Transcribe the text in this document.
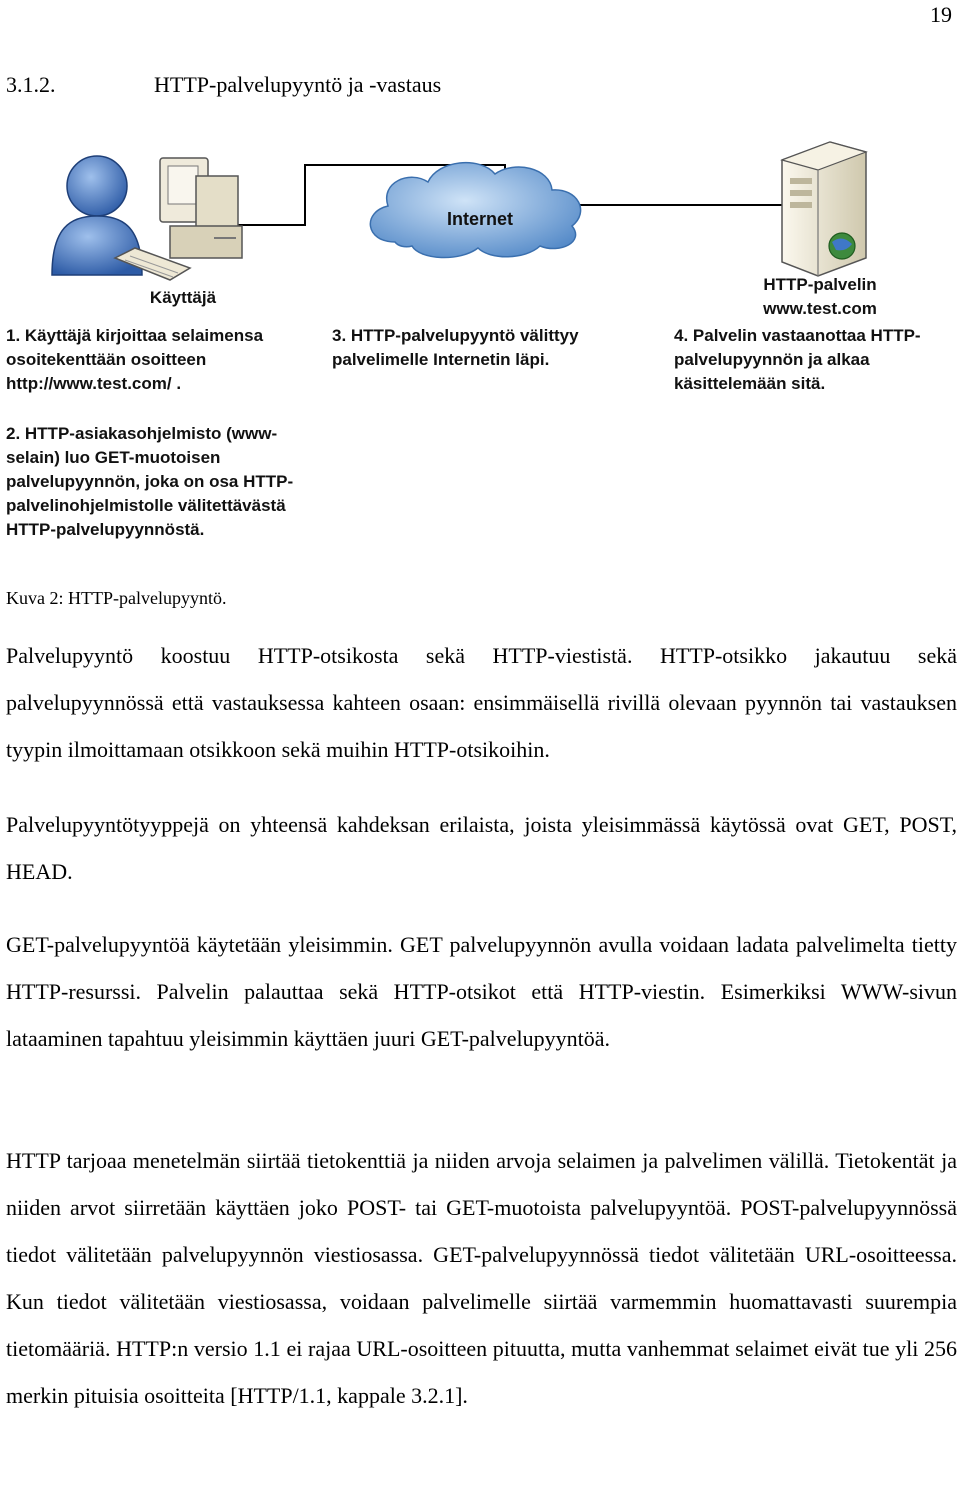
19
3.1.2.	HTTP-palvelupyyntö ja -vastaus
Käyttäjä
Internet
HTTP-palvelin
www.test.com
1. Käyttäjä kirjoittaa selaimensa
osoitekenttään osoitteen
http://www.test.com/ .
3. HTTP-palvelupyyntö välittyy
palvelimelle Internetin läpi.
4. Palvelin vastaanottaa HTTP-
palvelupyynnön ja alkaa
käsittelemään sitä.
2. HTTP-asiakasohjelmisto (www-
selain) luo GET-muotoisen
palvelupyynnön, joka on osa HTTP-
palvelinohjelmistolle välitettävästä
HTTP-palvelupyynnöstä.
Kuva 2: HTTP-palvelupyyntö.

Palvelupyyntö koostuu HTTP-otsikosta sekä HTTP-viestistä. HTTP-otsikko jakautuu sekä palvelupyynnössä että vastauksessa kahteen osaan: ensimmäisellä rivillä olevaan pyynnön tai vastauksen tyypin ilmoittamaan otsikkoon sekä muihin HTTP-otsikoihin.

Palvelupyyntötyyppejä on yhteensä kahdeksan erilaista, joista yleisimmässä käytössä ovat GET, POST, HEAD.

GET-palvelupyyntöä käytetään yleisimmin. GET palvelupyynnön avulla voidaan ladata palvelimelta tietty HTTP-resurssi. Palvelin palauttaa sekä HTTP-otsikot että HTTP-viestin. Esimerkiksi WWW-sivun lataaminen tapahtuu yleisimmin käyttäen juuri GET-palvelupyyntöä.

HTTP tarjoaa menetelmän siirtää tietokenttiä ja niiden arvoja selaimen ja palvelimen välillä. Tietokentät ja niiden arvot siirretään käyttäen joko POST- tai GET-muotoista palvelupyyntöä. POST-palvelupyynnössä tiedot välitetään palvelupyynnön viestiosassa. GET-palvelupyynnössä tiedot välitetään URL-osoitteessa. Kun tiedot välitetään viestiosassa, voidaan palvelimelle siirtää varmemmin huomattavasti suurempia tietomääriä. HTTP:n versio 1.1 ei rajaa URL-osoitteen pituutta, mutta vanhemmat selaimet eivät tue yli 256 merkin pituisia osoitteita [HTTP/1.1, kappale 3.2.1].
